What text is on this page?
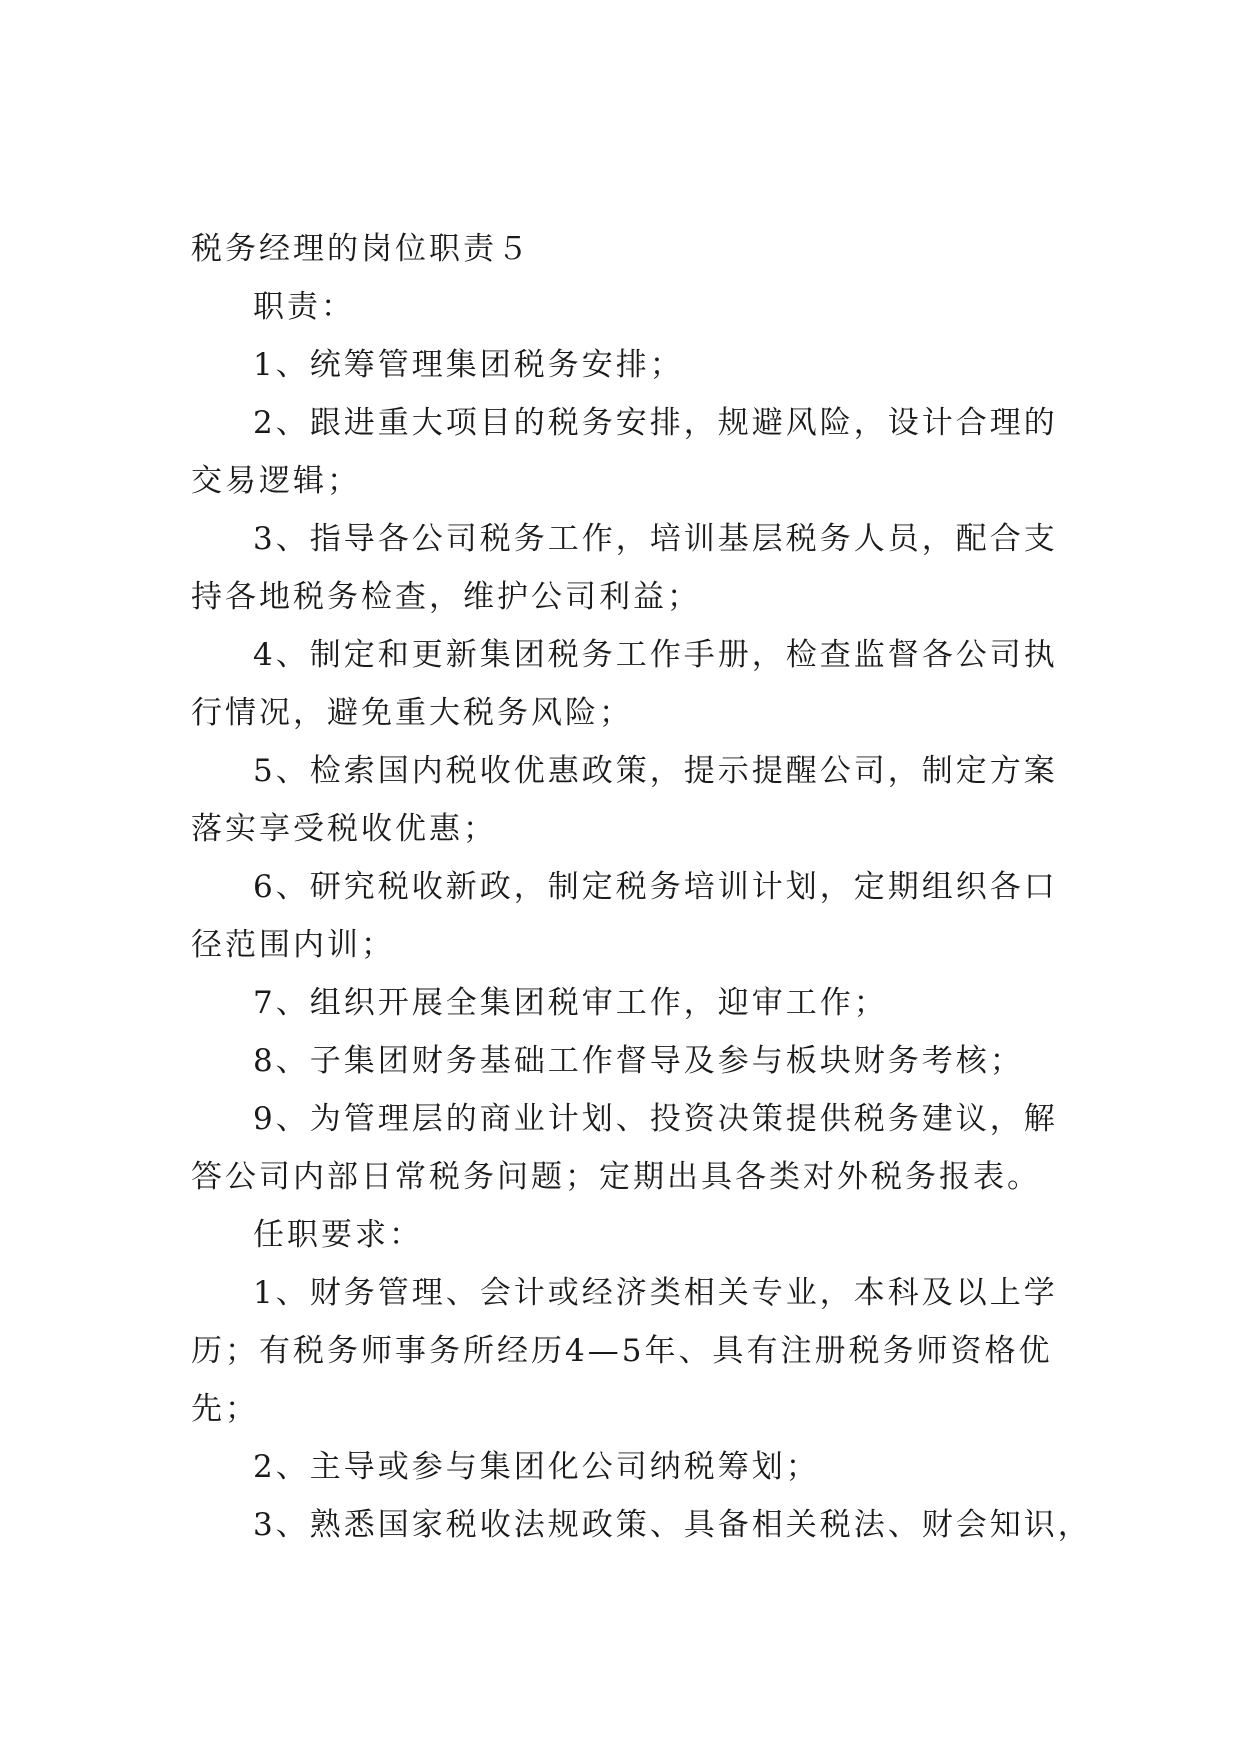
税务经理的岗位职责５

职责：

1、统筹管理集团税务安排；

2、跟进重大项目的税务安排，规避风险，设计合理的

交易逻辑；

3、指导各公司税务工作，培训基层税务人员，配合支

持各地税务检查，维护公司利益；

4、制定和更新集团税务工作手册，检查监督各公司执

行情况，避免重大税务风险；

5、检索国内税收优惠政策，提示提醒公司，制定方案

落实享受税收优惠；

6、研究税收新政，制定税务培训计划，定期组织各口

径范围内训；

7、组织开展全集团税审工作，迎审工作；

8、子集团财务基础工作督导及参与板块财务考核；

9、为管理层的商业计划、投资决策提供税务建议，解

答公司内部日常税务问题；定期出具各类对外税务报表。

任职要求：

1、财务管理、会计或经济类相关专业，本科及以上学

历；有税务师事务所经历4—5年、具有注册税务师资格优

先；

2、主导或参与集团化公司纳税筹划；

3、熟悉国家税收法规政策、具备相关税法、财会知识，
